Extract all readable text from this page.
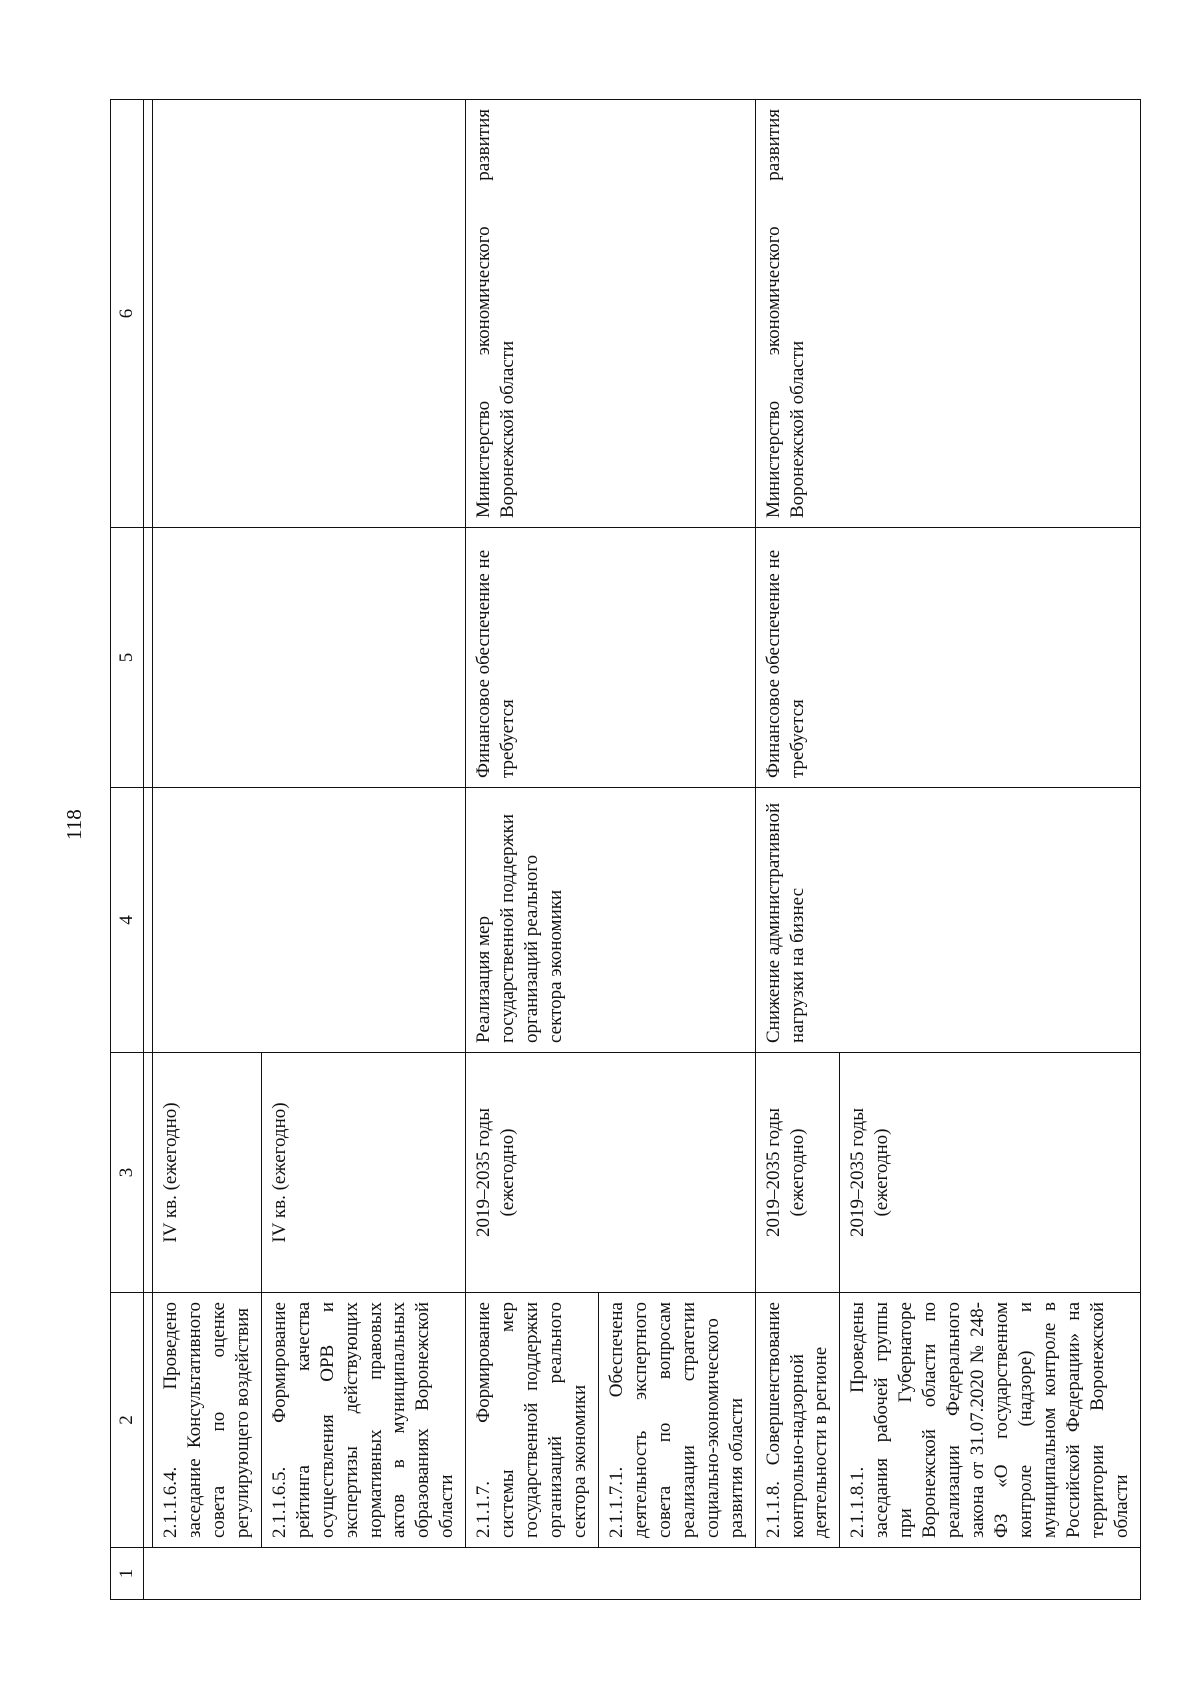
118
1	2	3	4	5	6

	2.1.1.6.4. Проведено заседание Консультативного совета по оценке регулирующего воздействия	IV кв. (ежегодно)			
	2.1.1.6.5. Формирование рейтинга качества осуществления ОРВ и экспертизы действующих нормативных правовых актов в муниципальных образованиях Воронежской области	IV кв. (ежегодно)			
	2.1.1.7. Формирование системы мер государственной поддержки организаций реального сектора экономики	2019–2035 годы (ежегодно)	Реализация мер государственной поддержки организаций реального сектора экономики	Финансовое обеспечение не требуется	Министерство экономического развития Воронежской области
	2.1.1.7.1. Обеспечена деятельность экспертного совета по вопросам реализации стратегии социально-экономического развития области				
	2.1.1.8. Совершенствование контрольно-надзорной деятельности в регионе	2019–2035 годы (ежегодно)	Снижение административной нагрузки на бизнес	Финансовое обеспечение не требуется	Министерство экономического развития Воронежской области
	2.1.1.8.1. Проведены заседания рабочей группы при Губернаторе Воронежской области по реализации Федерального закона от 31.07.2020 № 248-ФЗ «О государственном контроле (надзоре) и муниципальном контроле в Российской Федерации» на территории Воронежской области	2019–2035 годы (ежегодно)			
